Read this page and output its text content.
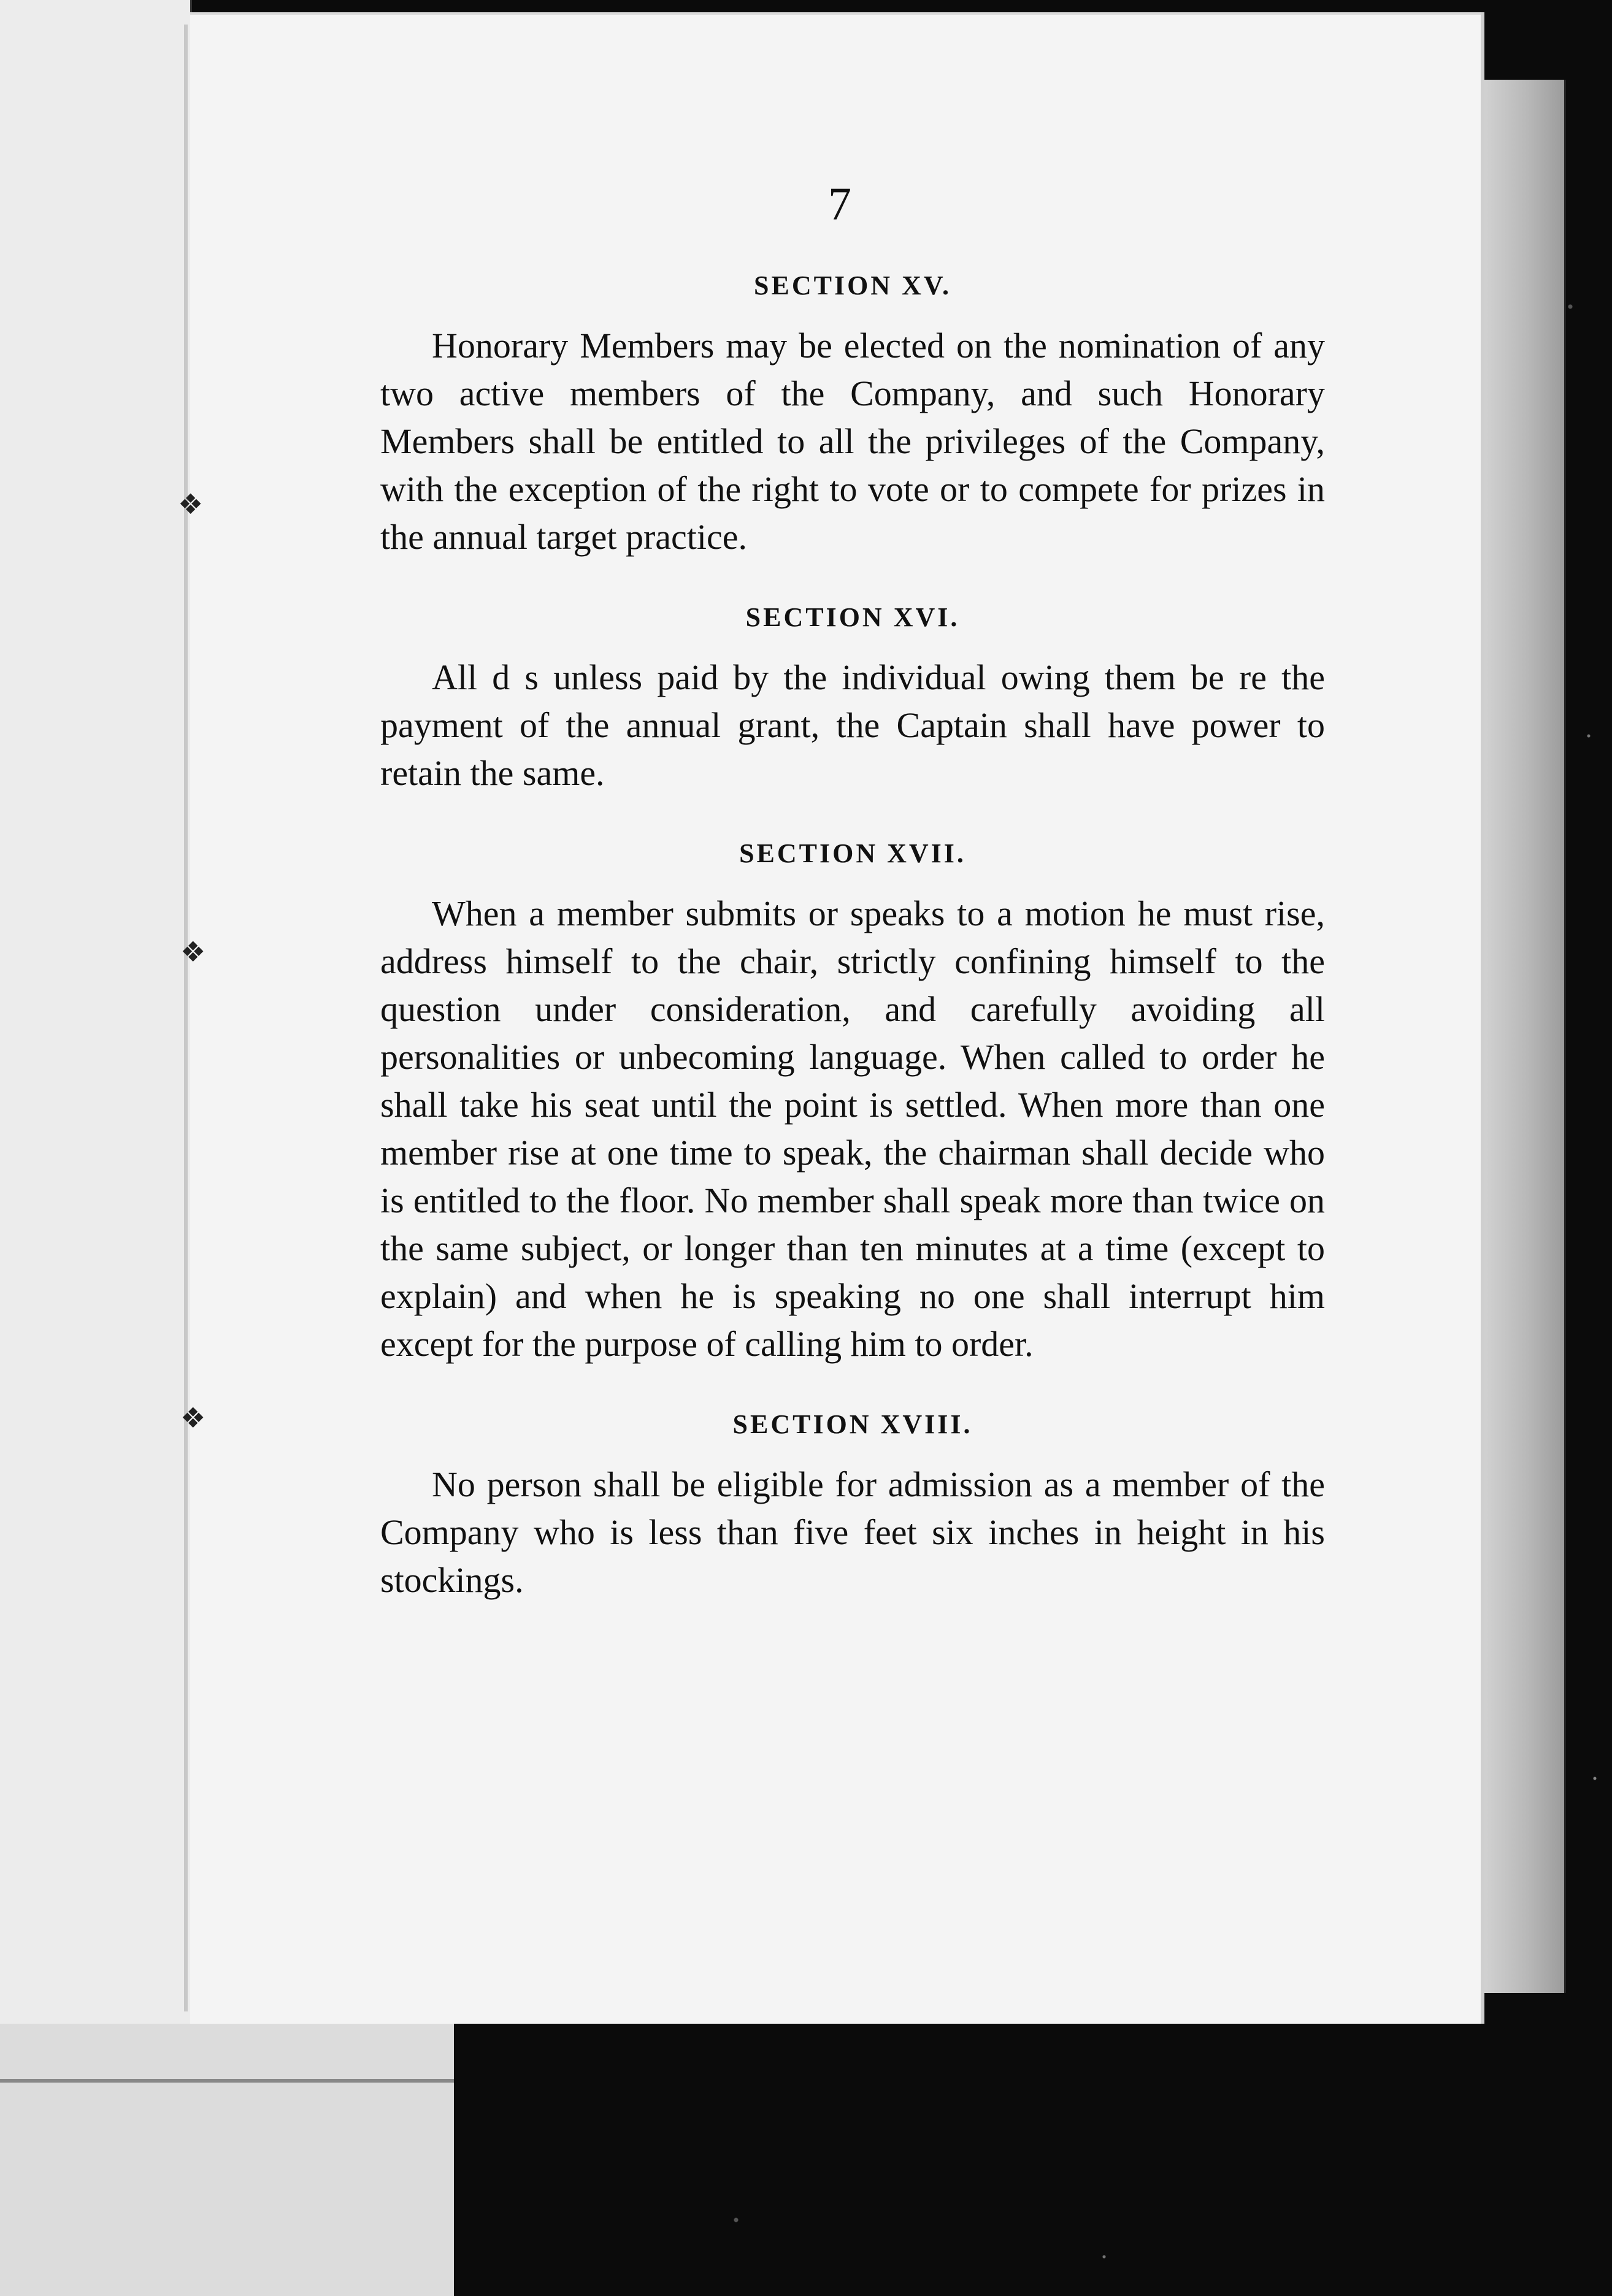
❖
❖
❖
7

SECTION XV.

Honorary Members may be elected on the nomination of any two active members of the Company, and such Honorary Members shall be entitled to all the privileges of the Company, with the exception of the right to vote or to compete for prizes in the annual target practice.

SECTION XVI.

All d s unless paid by the individual owing them be re the payment of the annual grant, the Captain shall have power to retain the same.

SECTION XVII.

When a member submits or speaks to a motion he must rise, address himself to the chair, strictly confining himself to the question under consideration, and carefully avoiding all personalities or unbecoming language. When called to order he shall take his seat until the point is settled. When more than one member rise at one time to speak, the chairman shall decide who is entitled to the floor. No member shall speak more than twice on the same subject, or longer than ten minutes at a time (except to explain) and when he is speaking no one shall interrupt him except for the purpose of calling him to order.

SECTION XVIII.

No person shall be eligible for admission as a member of the Company who is less than five feet six inches in height in his stockings.
